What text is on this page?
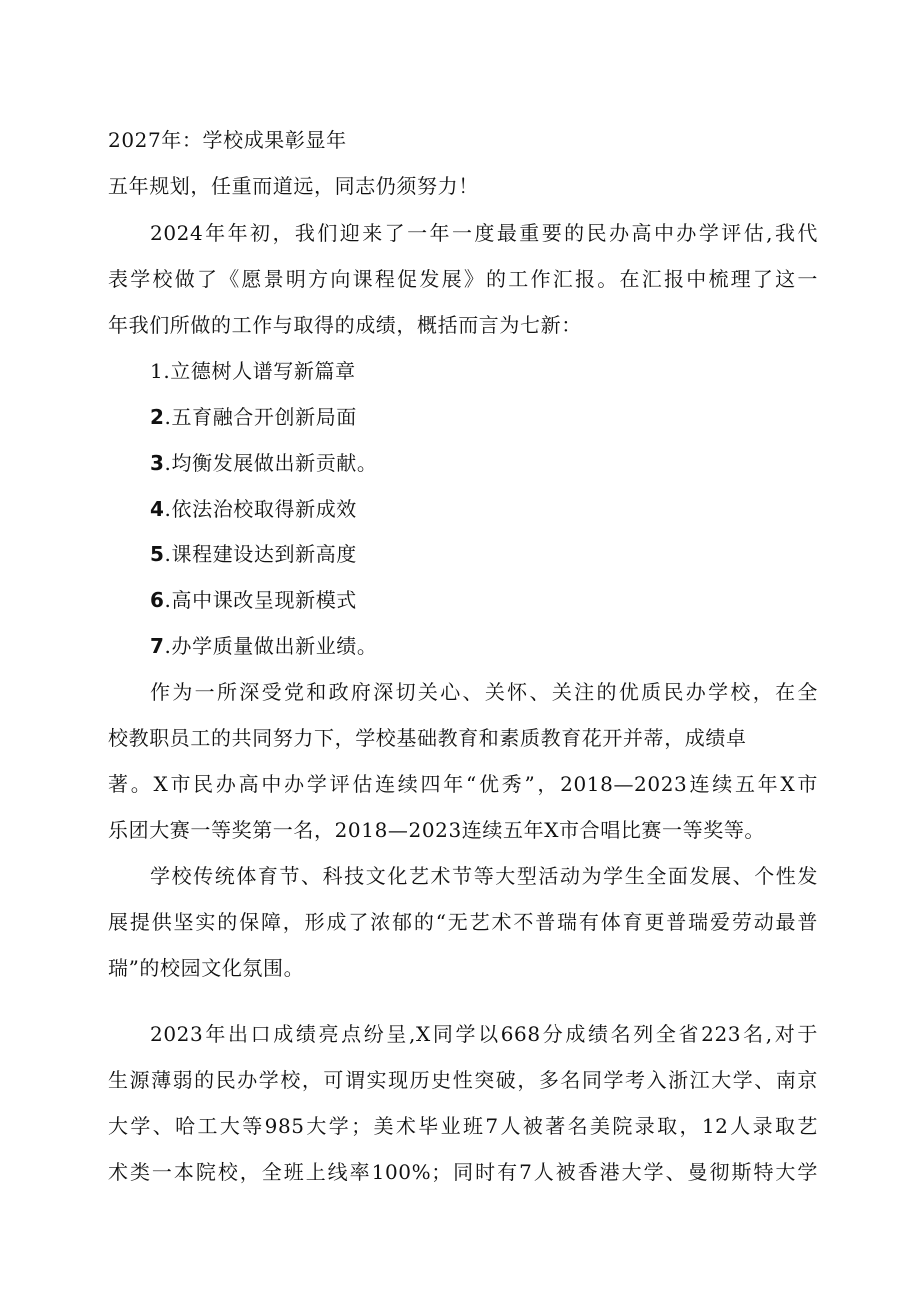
2027年：学校成果彰显年
五年规划，任重而道远，同志仍须努力！
2024年年初，我们迎来了一年一度最重要的民办高中办学评估,我代
表学校做了《愿景明方向课程促发展》的工作汇报。在汇报中梳理了这一
年我们所做的工作与取得的成绩，概括而言为七新：
1.立德树人谱写新篇章
2.五育融合开创新局面
3.均衡发展做出新贡献。
4.依法治校取得新成效
5.课程建设达到新高度
6.高中课改呈现新模式
7.办学质量做出新业绩。
作为一所深受党和政府深切关心、关怀、关注的优质民办学校，在全
校教职员工的共同努力下，学校基础教育和素质教育花开并蒂，成绩卓
著。X市民办高中办学评估连续四年“优秀”，2018—2023连续五年X市
乐团大赛一等奖第一名，2018—2023连续五年X市合唱比赛一等奖等。
学校传统体育节、科技文化艺术节等大型活动为学生全面发展、个性发
展提供坚实的保障，形成了浓郁的“无艺术不普瑞有体育更普瑞爱劳动最普
瑞”的校园文化氛围。
2023年出口成绩亮点纷呈,X同学以668分成绩名列全省223名,对于
生源薄弱的民办学校，可谓实现历史性突破，多名同学考入浙江大学、南京
大学、哈工大等985大学；美术毕业班7人被著名美院录取，12人录取艺
术类一本院校，全班上线率100%；同时有7人被香港大学、曼彻斯特大学
